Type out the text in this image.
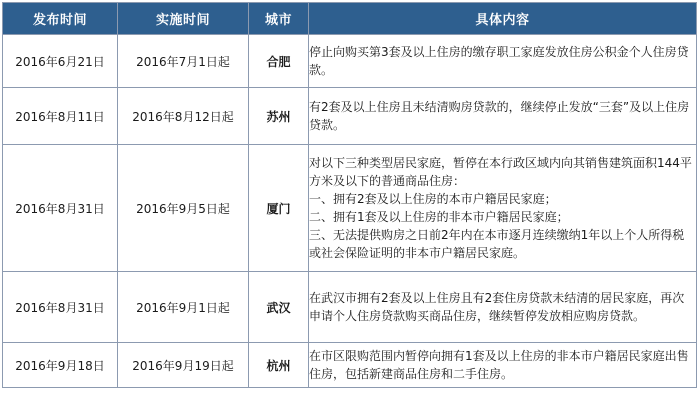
发布时间	实施时间	城市	具体内容
2016年6月21日	2016年7月1日起	合肥	停止向购买第3套及以上住房的缴存职工家庭发放住房公积金个人住房贷款。

2016年8月11日	2016年8月12日起	苏州	有2套及以上住房且未结清购房贷款的，继续停止发放“三套”及以上住房贷款。

2016年8月31日	2016年9月5日起	厦门	对以下三种类型居民家庭，暂停在本行政区域内向其销售建筑面积144平方米及以下的普通商品住房：
一、拥有2套及以上住房的本市户籍居民家庭；
二、拥有1套及以上住房的非本市户籍居民家庭；
三、无法提供购房之日前2年内在本市逐月连续缴纳1年以上个人所得税或社会保险证明的非本市户籍居民家庭。

2016年8月31日	2016年9月1日起	武汉	在武汉市拥有2套及以上住房且有2套住房贷款未结清的居民家庭，再次申请个人住房贷款购买商品住房，继续暂停发放相应购房贷款。

2016年9月18日	2016年9月19日起	杭州	在市区限购范围内暂停向拥有1套及以上住房的非本市户籍居民家庭出售住房，包括新建商品住房和二手住房。
